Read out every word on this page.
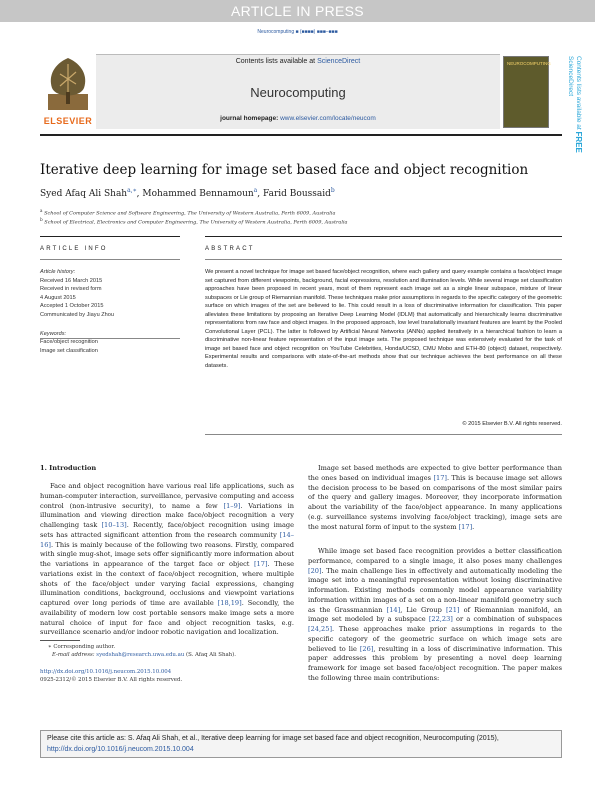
ARTICLE IN PRESS
Neurocomputing ■ (■■■■) ■■■–■■■
ELSEVIER
Contents lists available at ScienceDirect
Neurocomputing
journal homepage: www.elsevier.com/locate/neucom
NEUROCOMPUTING	Contents lists available at FREE ScienceDirect
Iterative deep learning for image set based face and object recognition
Syed Afaq Ali Shah$^{a,∗}$, Mohammed Bennamoun$^a$, Farid Boussaid$^b$
$^a$ School of Computer Science and Software Engineering, The University of Western Australia, Perth 6009, Australia
$^b$ School of Electrical, Electronics and Computer Engineering, The University of Western Australia, Perth 6009, Australia
ARTICLE INFO	ABSTRACT
Article history:
Received 16 March 2015
Received in revised form
4 August 2015
Accepted 1 October 2015
Communicated by Jiayu Zhou
Keywords:
Face/object recognition
Image set classification
We present a novel technique for image set based face/object recognition, where each gallery and query example contains a face/object image set captured from different viewpoints, background, facial expressions, resolution and illumination levels. While several image set classification approaches have been proposed in recent years, most of them represent each image set as a single linear subspace, mixture of linear subspaces or Lie group of Riemannian manifold. These techniques make prior assumptions in regards to the specific category of the geometric surface on which images of the set are believed to lie. This could result in a loss of discriminative information for classification. This paper alleviates these limitations by proposing an Iterative Deep Learning Model (IDLM) that automatically and hierarchically learns discriminative representations from raw face and object images. In the proposed approach, low level translationally invariant features are learnt by the Pooled Convolutional Layer (PCL). The latter is followed by Artificial Neural Networks (ANNs) applied iteratively in a hierarchical fashion to learn a discriminative non-linear feature representation of the input image sets. The proposed technique was extensively evaluated for the task of image set based face and object recognition on YouTube Celebrities, Honda/UCSD, CMU Mobo and ETH-80 (object) dataset, respectively. Experimental results and comparisons with state-of-the-art methods show that our technique achieves the best performance on all these datasets.
© 2015 Elsevier B.V. All rights reserved.
1. Introduction
Face and object recognition have various real life applications, such as human-computer interaction, surveillance, pervasive computing and access control (non-intrusive security), to name a few [1–9]. Variations in illumination and viewing direction make face/object recognition a very challenging task [10–13]. Recently, face/object recognition using image sets has attracted significant attention from the research community [14–16]. This is mainly because of the following two reasons. Firstly, compared with single mug-shot, image sets offer significantly more information about the variations in appearance of the target face or object [17]. These variations exist in the context of face/object recognition, where multiple shots of the face/object under varying facial expressions, changing illumination conditions, background, occlusions and viewpoint variations captured over long periods of time are available [18,19]. Secondly, the availability of modern low cost portable sensors make image sets a more natural choice of input for face and object recognition tasks, e.g. surveillance scenario and/or indoor robotic navigation and localization.
Image set based methods are expected to give better performance than the ones based on individual images [17]. This is because image set allows the decision process to be based on comparisons of the most similar pairs of the query and gallery images. Moreover, they incorporate information about the variability of the face/object appearance. In many applications (e.g. surveillance systems involving face/object tracking), image sets are the most natural form of input to the system [17].
While image set based face recognition provides a better classification performance, compared to a single image, it also poses many challenges [20]. The main challenge lies in effectively and automatically modeling the image set into a meaningful representation without losing discriminative information. Existing methods commonly model appearance variability information within images of a set on a non-linear manifold geometry such as the Grassmannian [14], Lie Group [21] of Riemannian manifold, an image set modeled by a subspace [22,23] or a combination of subspaces [24,25]. These approaches make prior assumptions in regards to the specific category of the geometric surface on which image sets are believed to lie [26], resulting in a loss of discriminative information. This paper addresses this problem by presenting a novel deep learning framework for image set based face/object recognition. The paper makes the following three main contributions:
∗ Corresponding author.
E-mail address: syedshah@research.uwa.edu.au (S. Afaq Ali Shah).
http://dx.doi.org/10.1016/j.neucom.2015.10.004
0925-2312/© 2015 Elsevier B.V. All rights reserved.
Please cite this article as: S. Afaq Ali Shah, et al., Iterative deep learning for image set based face and object recognition, Neurocomputing (2015), http://dx.doi.org/10.1016/j.neucom.2015.10.004
